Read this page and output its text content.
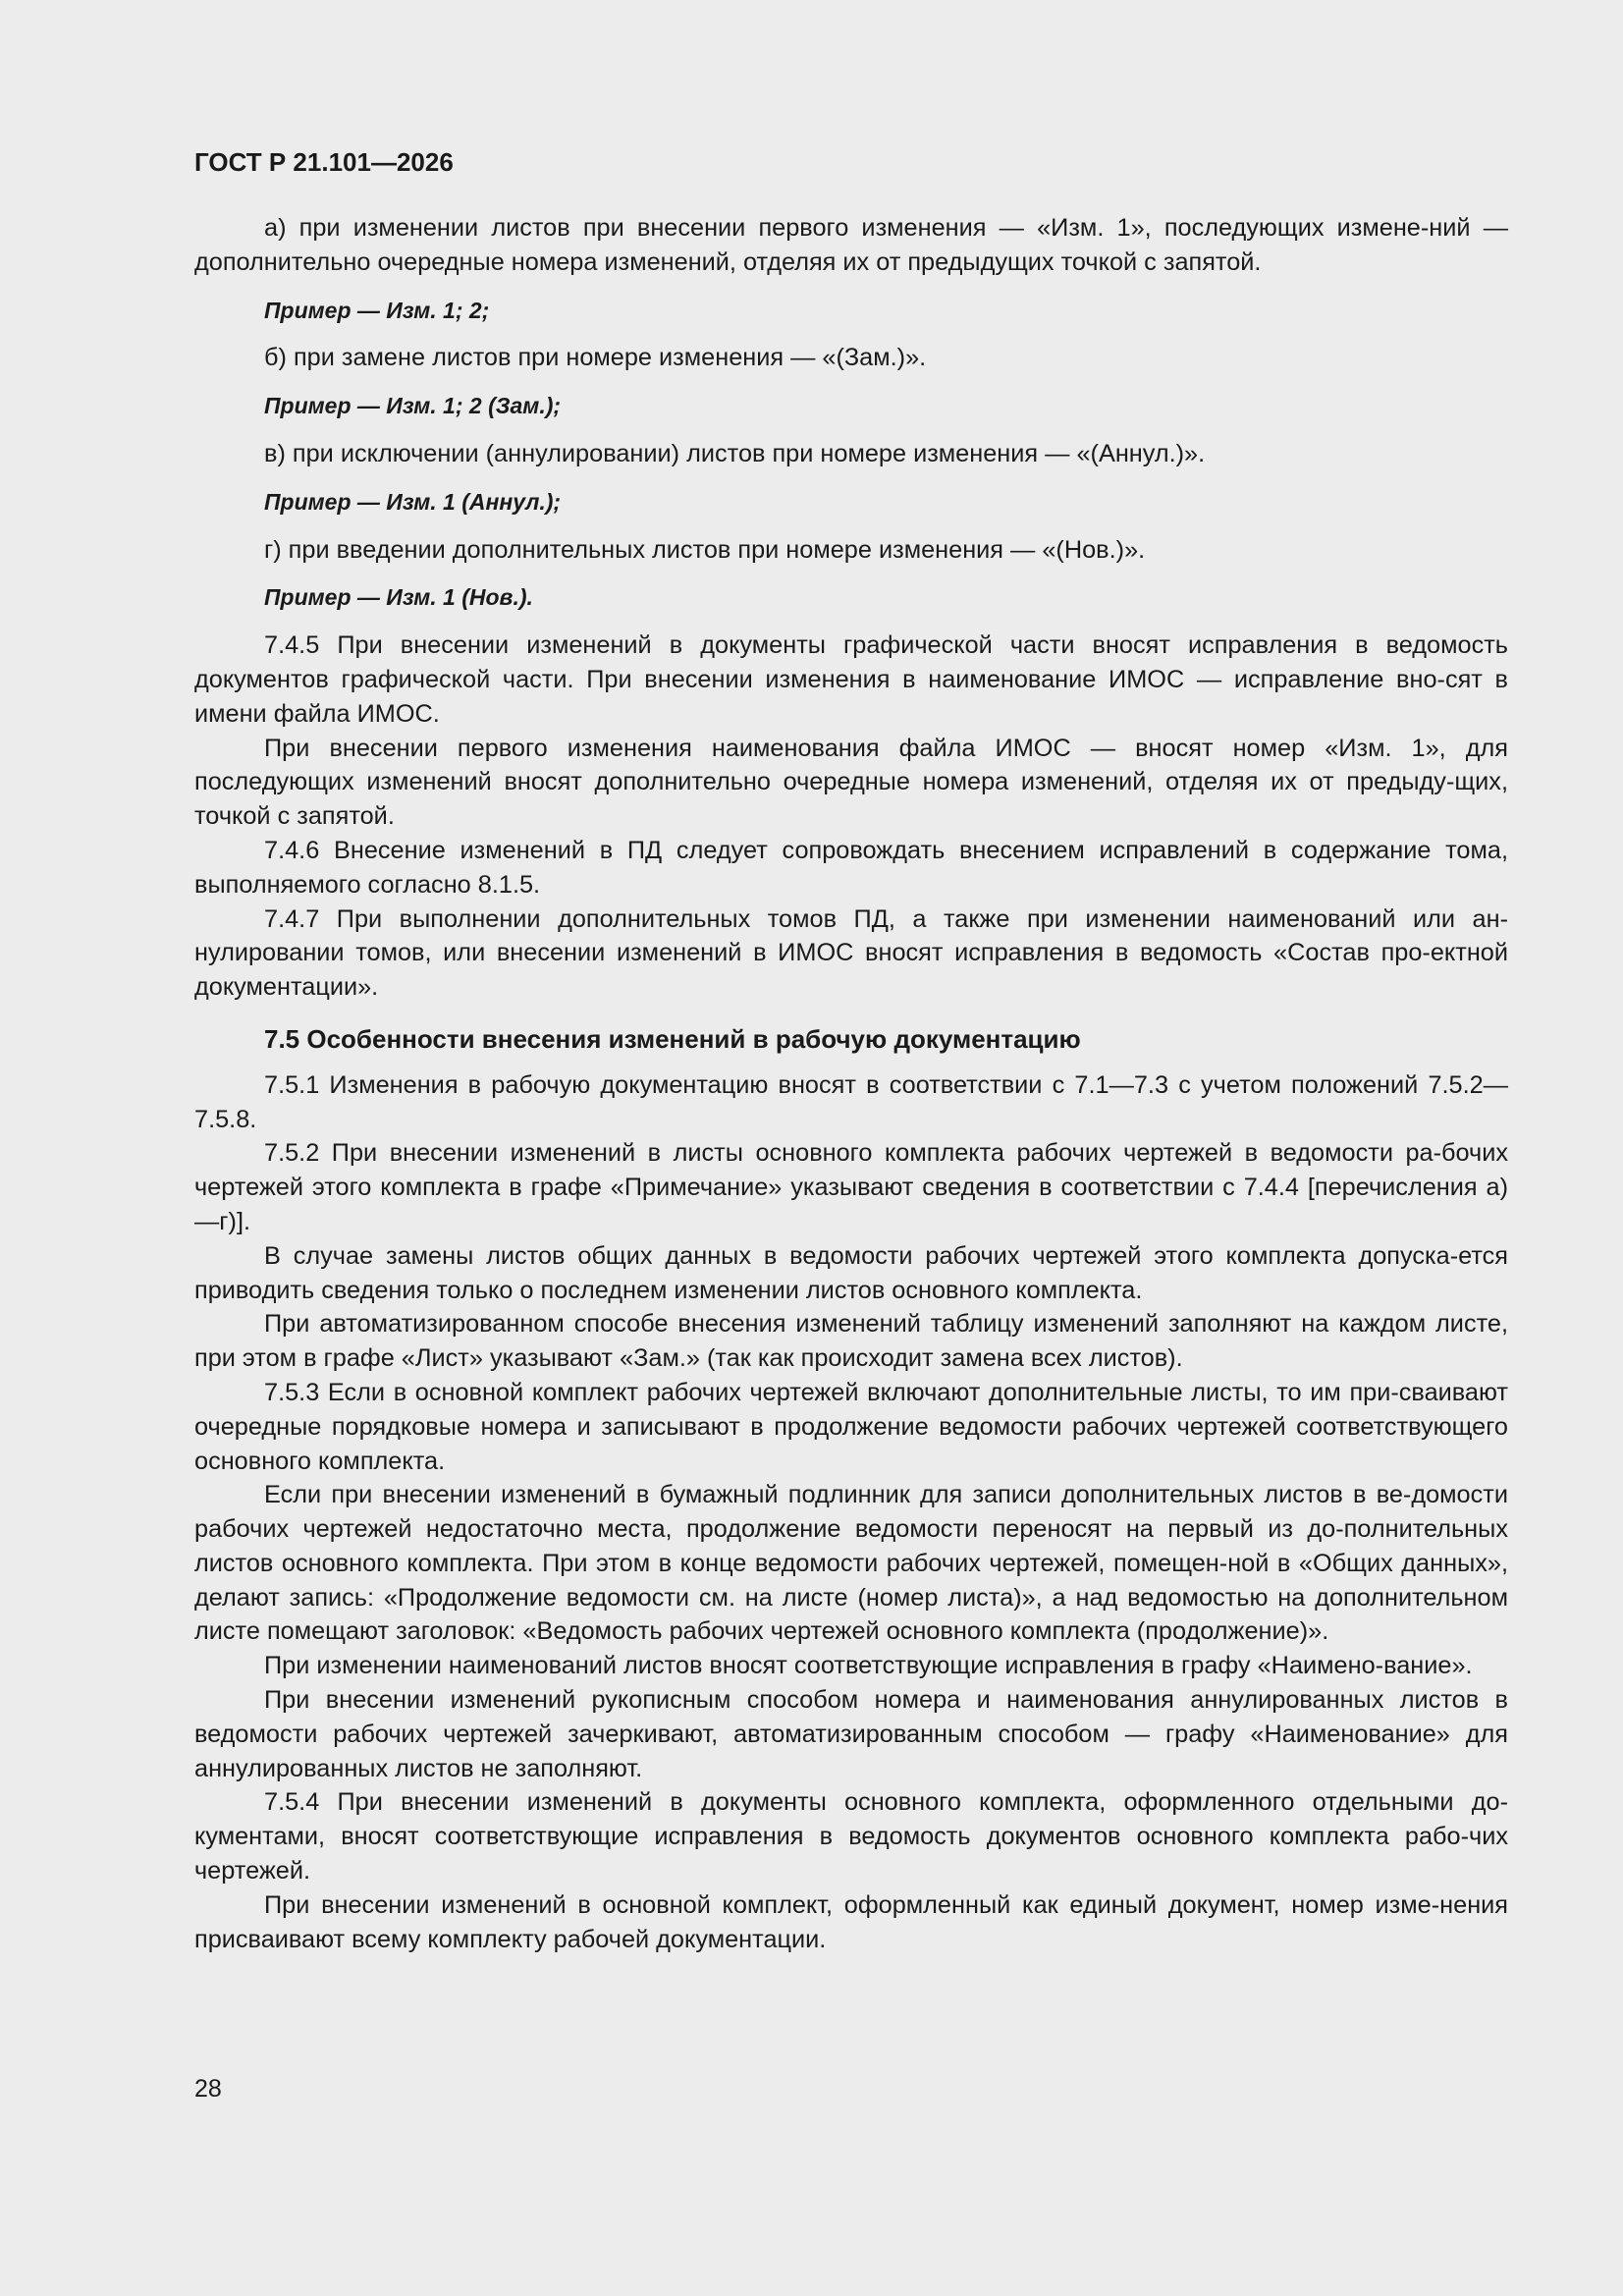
ГОСТ Р 21.101—2026

а) при изменении листов при внесении первого изменения — «Изм. 1», последующих измене-ний — дополнительно очередные номера изменений, отделяя их от предыдущих точкой с запятой.

Пример — Изм. 1; 2;

б) при замене листов при номере изменения — «(Зам.)».

Пример — Изм. 1; 2 (Зам.);

в) при исключении (аннулировании) листов при номере изменения — «(Аннул.)».

Пример — Изм. 1 (Аннул.);

г) при введении дополнительных листов при номере изменения — «(Нов.)».

Пример — Изм. 1 (Нов.).

7.4.5 При внесении изменений в документы графической части вносят исправления в ведомость документов графической части. При внесении изменения в наименование ИМОС — исправление вно-сят в имени файла ИМОС.

При внесении первого изменения наименования файла ИМОС — вносят номер «Изм. 1», для последующих изменений вносят дополнительно очередные номера изменений, отделяя их от предыду-щих, точкой с запятой.

7.4.6 Внесение изменений в ПД следует сопровождать внесением исправлений в содержание тома, выполняемого согласно 8.1.5.

7.4.7 При выполнении дополнительных томов ПД, а также при изменении наименований или ан-нулировании томов, или внесении изменений в ИМОС вносят исправления в ведомость «Состав про-ектной документации».

7.5 Особенности внесения изменений в рабочую документацию

7.5.1 Изменения в рабочую документацию вносят в соответствии с 7.1—7.3 с учетом положений 7.5.2—7.5.8.

7.5.2 При внесении изменений в листы основного комплекта рабочих чертежей в ведомости ра-бочих чертежей этого комплекта в графе «Примечание» указывают сведения в соответствии с 7.4.4 [перечисления а)—г)].

В случае замены листов общих данных в ведомости рабочих чертежей этого комплекта допуска-ется приводить сведения только о последнем изменении листов основного комплекта.

При автоматизированном способе внесения изменений таблицу изменений заполняют на каждом листе, при этом в графе «Лист» указывают «Зам.» (так как происходит замена всех листов).

7.5.3 Если в основной комплект рабочих чертежей включают дополнительные листы, то им при-сваивают очередные порядковые номера и записывают в продолжение ведомости рабочих чертежей соответствующего основного комплекта.

Если при внесении изменений в бумажный подлинник для записи дополнительных листов в ве-домости рабочих чертежей недостаточно места, продолжение ведомости переносят на первый из до-полнительных листов основного комплекта. При этом в конце ведомости рабочих чертежей, помещен-ной в «Общих данных», делают запись: «Продолжение ведомости см. на листе (номер листа)», а над ведомостью на дополнительном листе помещают заголовок: «Ведомость рабочих чертежей основного комплекта (продолжение)».

При изменении наименований листов вносят соответствующие исправления в графу «Наимено-вание».

При внесении изменений рукописным способом номера и наименования аннулированных листов в ведомости рабочих чертежей зачеркивают, автоматизированным способом — графу «Наименование» для аннулированных листов не заполняют.

7.5.4 При внесении изменений в документы основного комплекта, оформленного отдельными до-кументами, вносят соответствующие исправления в ведомость документов основного комплекта рабо-чих чертежей.

При внесении изменений в основной комплект, оформленный как единый документ, номер изме-нения присваивают всему комплекту рабочей документации.

28
